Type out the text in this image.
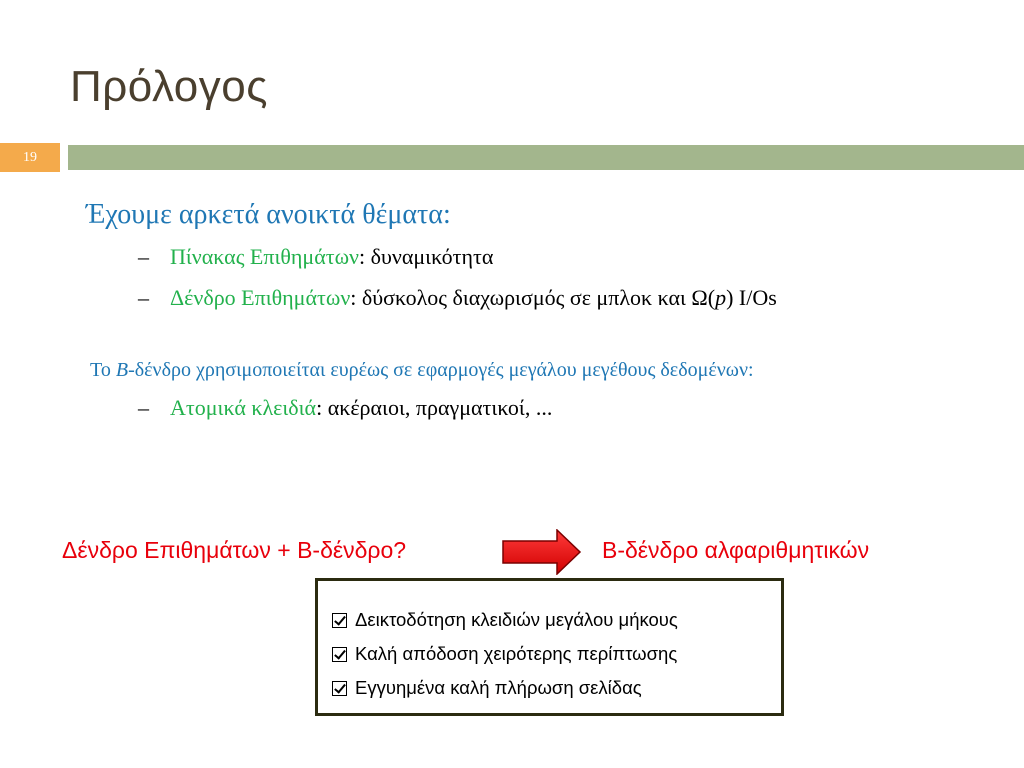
Πρόλογος
19
Έχουμε αρκετά ανοικτά θέματα:
– Πίνακας Επιθημάτων: δυναμικότητα
– Δένδρο Επιθημάτων: δύσκολος διαχωρισμός σε μπλοκ και Ω(p) I/Os
Το B-δένδρο χρησιμοποιείται ευρέως σε εφαρμογές μεγάλου μεγέθους δεδομένων:
– Ατομικά κλειδιά: ακέραιοι, πραγματικοί, ...
Δένδρο Επιθημάτων + B-δένδρο?	B-δένδρο αλφαριθμητικών
Δεικτοδότηση κλειδιών μεγάλου μήκους
Καλή απόδοση χειρότερης περίπτωσης
Εγγυημένα καλή πλήρωση σελίδας
